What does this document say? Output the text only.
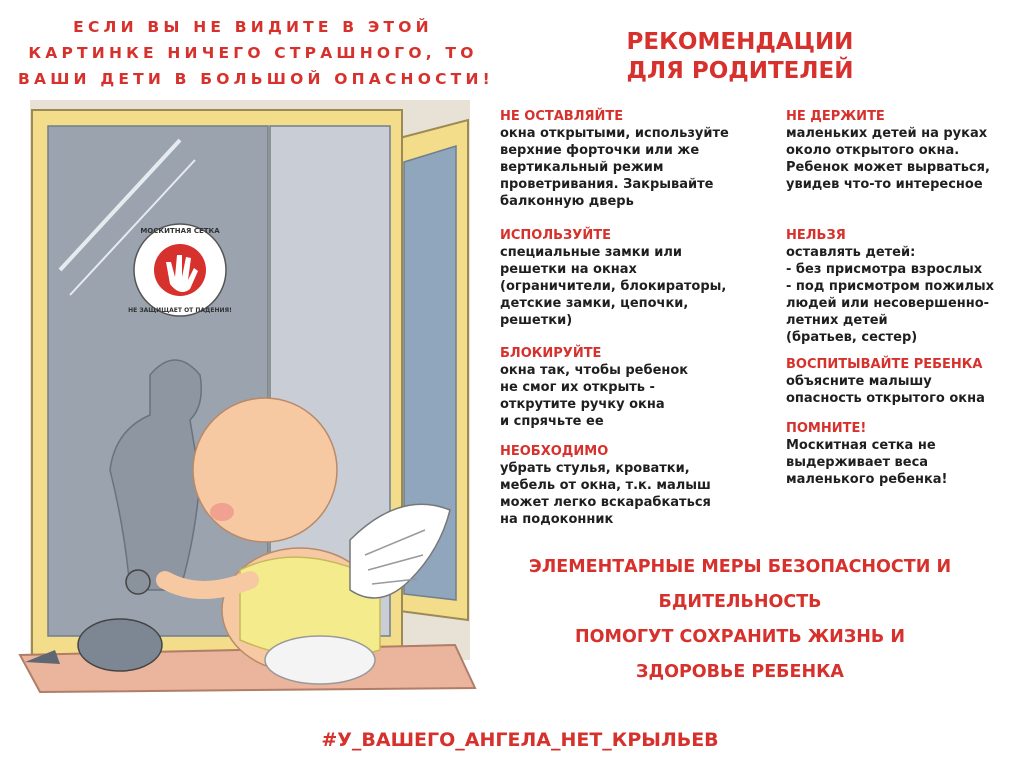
ЕСЛИ ВЫ НЕ ВИДИТЕ В ЭТОЙ
КАРТИНКЕ НИЧЕГО СТРАШНОГО, ТО
ВАШИ ДЕТИ В БОЛЬШОЙ ОПАСНОСТИ!
РЕКОМЕНДАЦИИ
ДЛЯ РОДИТЕЛЕЙ
МОСКИТНАЯ СЕТКА
НЕ ЗАЩИЩАЕТ ОТ ПАДЕНИЯ!
НЕ ОСТАВЛЯЙТЕ
окна открытыми, используйте
верхние форточки или же
вертикальный режим
проветривания. Закрывайте
балконную дверь
ИСПОЛЬЗУЙТЕ
специальные замки или
решетки на окнах
(ограничители, блокираторы,
детские замки, цепочки,
решетки)
БЛОКИРУЙТЕ
окна так, чтобы ребенок
не смог их открыть -
открутите ручку окна
и спрячьте ее
НЕОБХОДИМО
убрать стулья, кроватки,
мебель от окна, т.к. малыш
может легко вскарабкаться
на подоконник
НЕ ДЕРЖИТЕ
маленьких детей на руках
около открытого окна.
Ребенок может вырваться,
увидев что-то интересное
НЕЛЬЗЯ
оставлять детей:
- без присмотра взрослых
- под присмотром пожилых
людей или несовершенно-
летних детей
(братьев, сестер)
ВОСПИТЫВАЙТЕ РЕБЕНКА
объясните малышу
опасность открытого окна
ПОМНИТЕ!
Москитная сетка не
выдерживает веса
маленького ребенка!
ЭЛЕМЕНТАРНЫЕ МЕРЫ БЕЗОПАСНОСТИ И
БДИТЕЛЬНОСТЬ
ПОМОГУТ СОХРАНИТЬ ЖИЗНЬ И
ЗДОРОВЬЕ РЕБЕНКА
#У_ВАШЕГО_АНГЕЛА_НЕТ_КРЫЛЬЕВ
